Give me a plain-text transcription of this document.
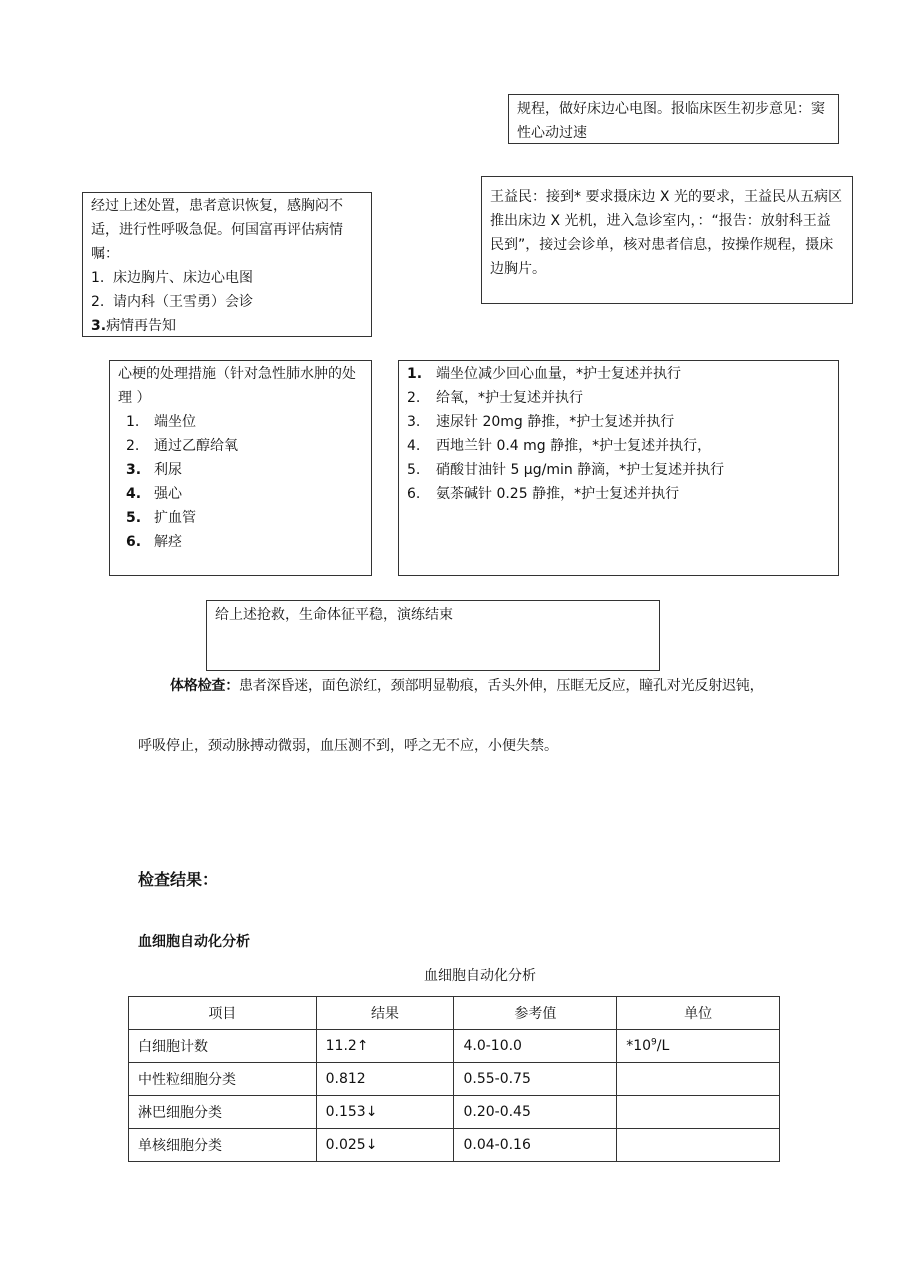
规程，做好床边心电图。报临床医生初步意见：窦性心动过速

经过上述处置，患者意识恢复，感胸闷不适，进行性呼吸急促。何国富再评估病情嘱：

1. 床边胸片、床边心电图
2. 请内科（王雪勇）会诊
3. 病情再告知

王益民：接到* 要求摄床边 X 光的要求，王益民从五病区推出床边 X 光机，进入急诊室内，：“报告：放射科王益民到”，接过会诊单，核对患者信息，按操作规程，摄床边胸片。

心梗的处理措施（针对急性肺水肿的处理 ）

1.	端坐位
2.	通过乙醇给氧
3. 利尿
4. 强心
5. 扩血管
6. 解痉
1. 端坐位减少回心血量，*护士复述并执行
2.	给氧，*护士复述并执行
3.	速尿针 20mg 静推，*护士复述并执行
4.	西地兰针 0.4 mg 静推，*护士复述并执行，
5.	硝酸甘油针 5 μg/min 静滴，*护士复述并执行
6.	氨茶碱针 0.25 静推，*护士复述并执行

给上述抢救，生命体征平稳，演练结束

体格检查：患者深昏迷，面色淤红，颈部明显勒痕，舌头外伸，压眶无反应，瞳孔对光反射迟钝，
呼吸停止，颈动脉搏动微弱，血压测不到，呼之无不应，小便失禁。
检查结果：
血细胞自动化分析
血细胞自动化分析
项目	结果	参考值	单位
白细胞计数	11.2↑	4.0-10.0	$*10^9/L$
中性粒细胞分类	0.812	0.55-0.75	
淋巴细胞分类	0.153↓	0.20-0.45	
单核细胞分类	0.025↓	0.04-0.16	
